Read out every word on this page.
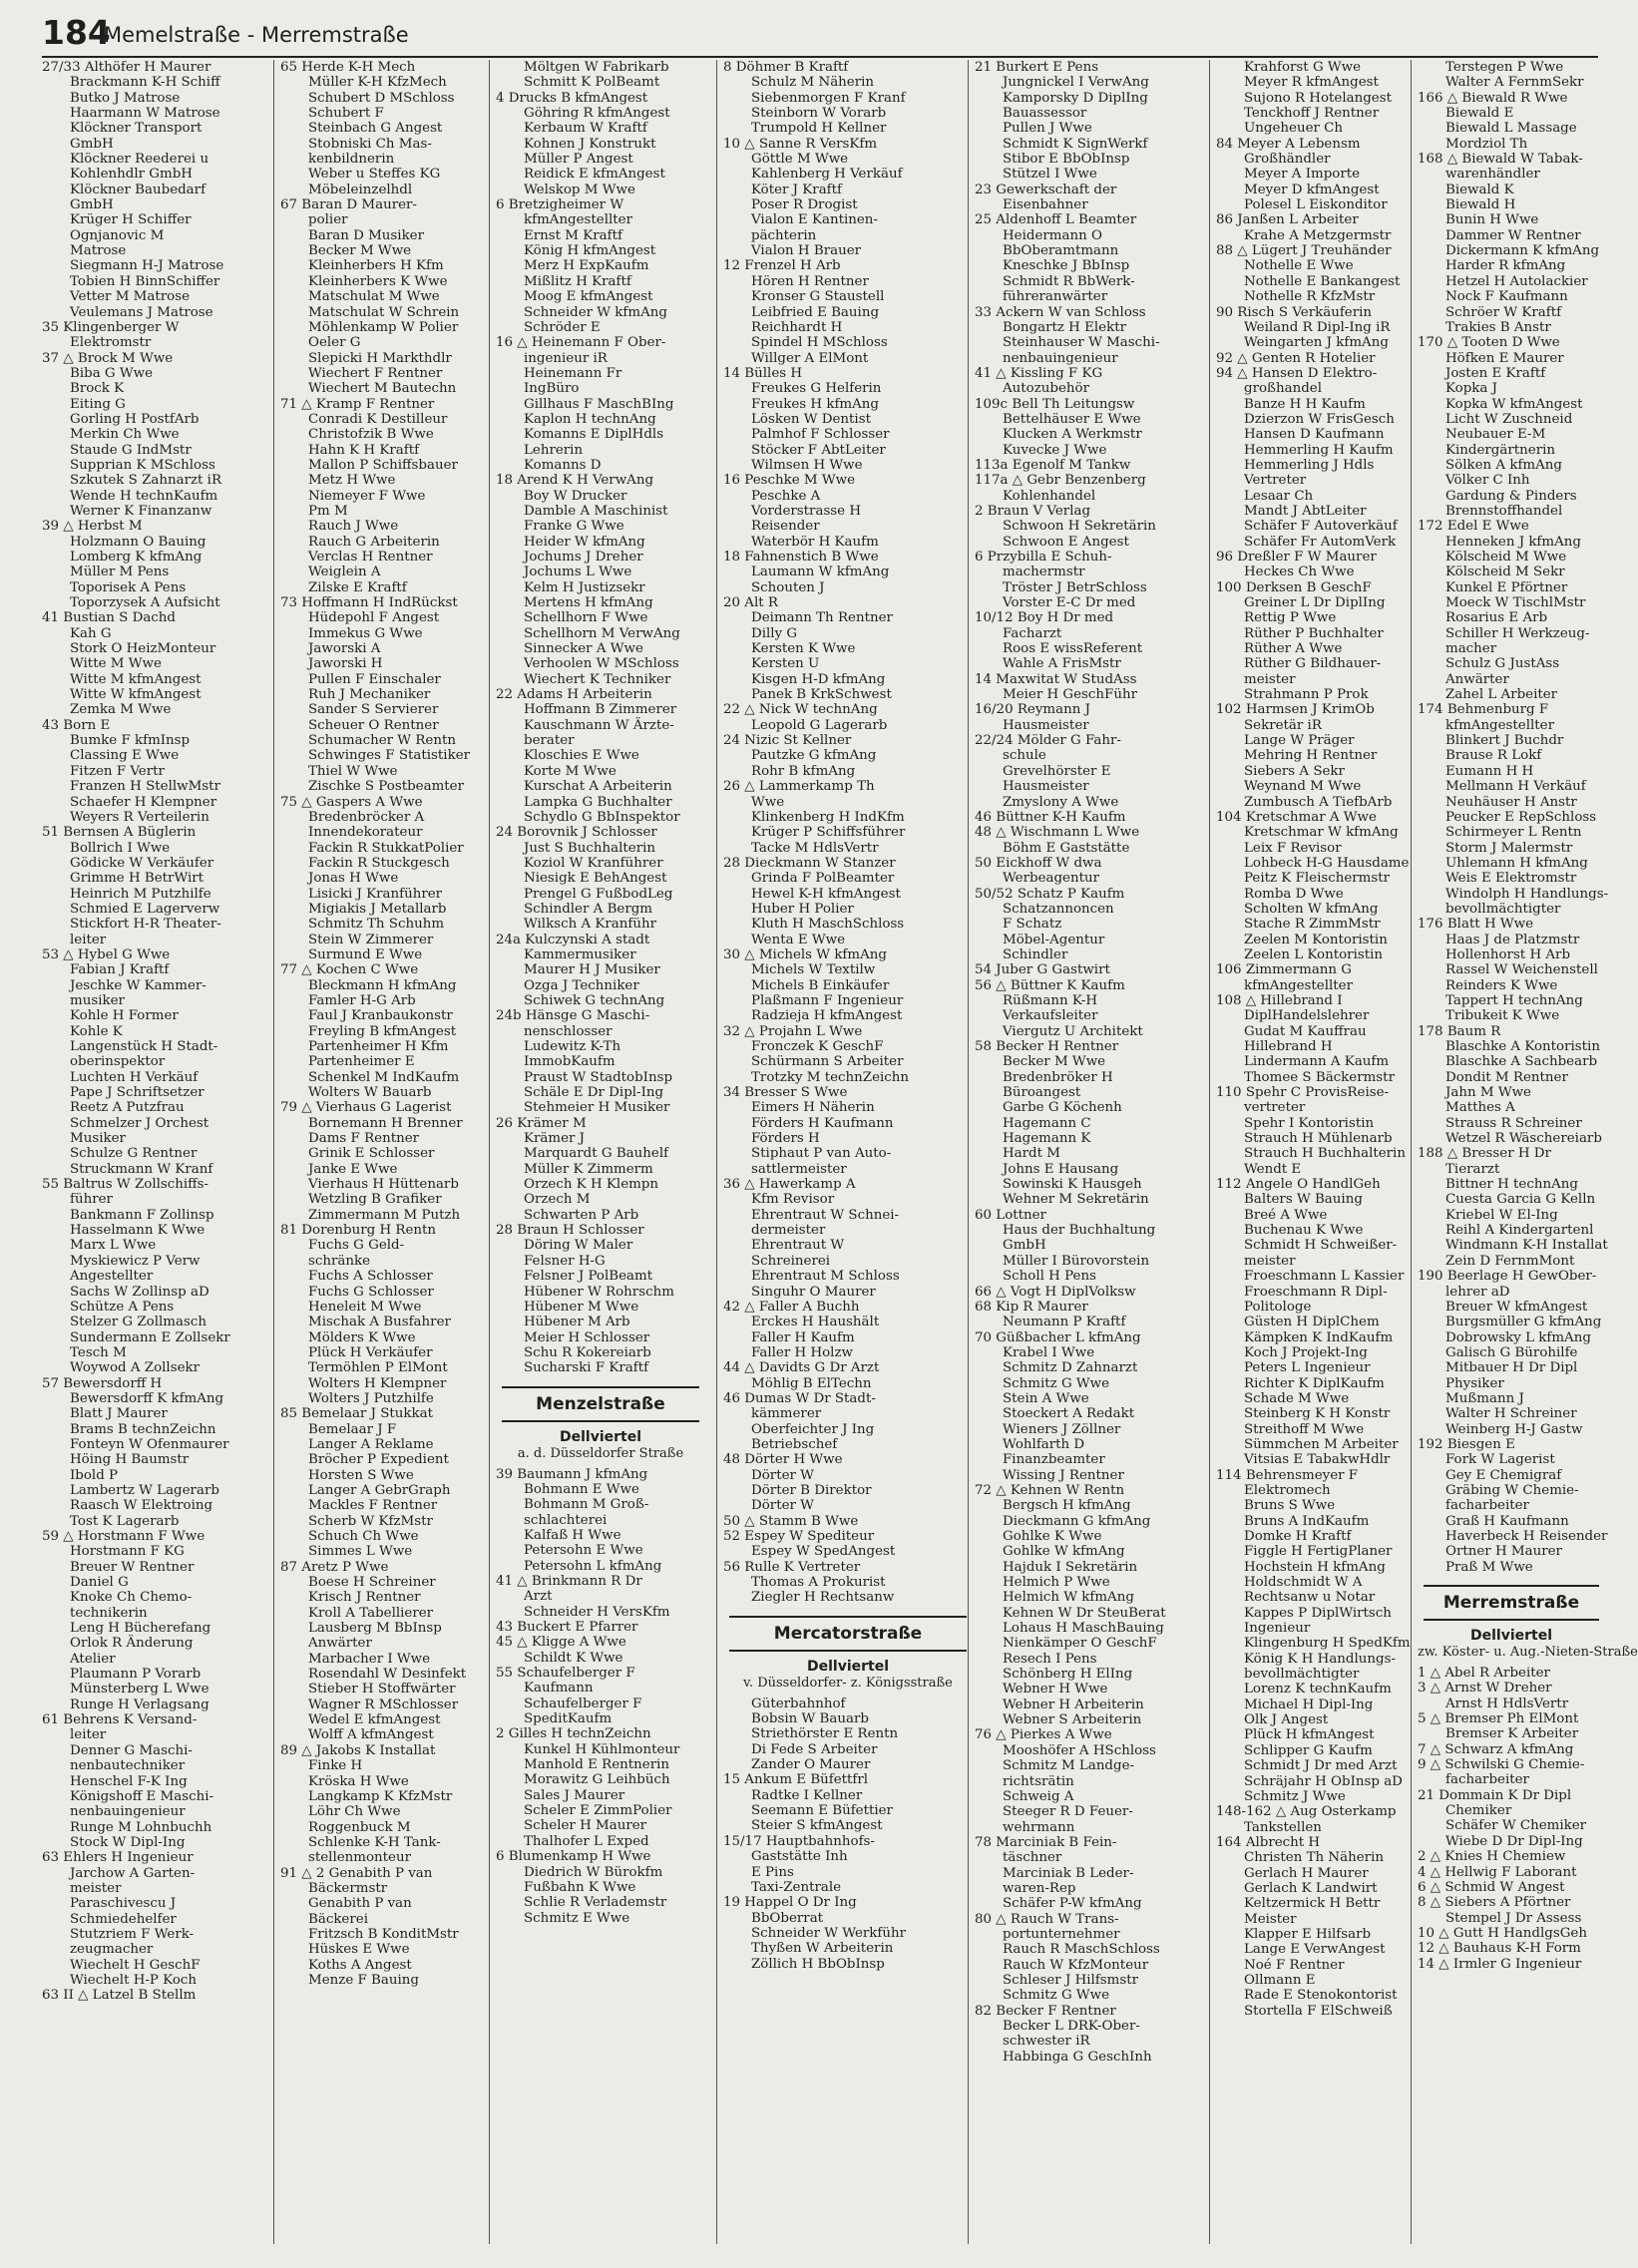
184
Memelstraße - Merremstraße
27/33 Althöfer H Maurer
Brackmann K-H Schiff
Butko J Matrose
Haarmann W Matrose
Klöckner Transport
GmbH
Klöckner Reederei u
Kohlenhdlr GmbH
Klöckner Baubedarf
GmbH
Krüger H Schiffer
Ognjanovic M
Matrose
Siegmann H-J Matrose
Tobien H BinnSchiffer
Vetter M Matrose
Veulemans J Matrose
35 Klingenberger W
Elektromstr
37 △ Brock M Wwe
Biba G Wwe
Brock K
Eiting G
Gorling H PostfArb
Merkin Ch Wwe
Staude G IndMstr
Supprian K MSchloss
Szkutek S Zahnarzt iR
Wende H technKaufm
Werner K Finanzanw
39 △ Herbst M
Holzmann O Bauing
Lomberg K kfmAng
Müller M Pens
Toporisek A Pens
Toporzysek A Aufsicht
41 Bustian S Dachd
Kah G
Stork O HeizMonteur
Witte M Wwe
Witte M kfmAngest
Witte W kfmAngest
Zemka M Wwe
43 Born E
Bumke F kfmInsp
Classing E Wwe
Fitzen F Vertr
Franzen H StellwMstr
Schaefer H Klempner
Weyers R Verteilerin
51 Bernsen A Büglerin
Bollrich I Wwe
Gödicke W Verkäufer
Grimme H BetrWirt
Heinrich M Putzhilfe
Schmied E Lagerverw
Stickfort H-R Theater-
leiter
53 △ Hybel G Wwe
Fabian J Kraftf
Jeschke W Kammer-
musiker
Kohle H Former
Kohle K
Langenstück H Stadt-
oberinspektor
Luchten H Verkäuf
Pape J Schriftsetzer
Reetz A Putzfrau
Schmelzer J Orchest
Musiker
Schulze G Rentner
Struckmann W Kranf
55 Baltrus W Zollschiffs-
führer
Bankmann F Zollinsp
Hasselmann K Wwe
Marx L Wwe
Myskiewicz P Verw
Angestellter
Sachs W Zollinsp aD
Schütze A Pens
Stelzer G Zollmasch
Sundermann E Zollsekr
Tesch M
Woywod A Zollsekr
57 Bewersdorff H
Bewersdorff K kfmAng
Blatt J Maurer
Brams B technZeichn
Fonteyn W Ofenmaurer
Höing H Baumstr
Ibold P
Lambertz W Lagerarb
Raasch W Elektroing
Tost K Lagerarb
59 △ Horstmann F Wwe
Horstmann F KG
Breuer W Rentner
Daniel G
Knoke Ch Chemo-
technikerin
Leng H Bücherefang
Orlok R Änderung
Atelier
Plaumann P Vorarb
Münsterberg L Wwe
Runge H Verlagsang
61 Behrens K Versand-
leiter
Denner G Maschi-
nenbautechniker
Henschel F-K Ing
Königshoff E Maschi-
nenbauingenieur
Runge M Lohnbuchh
Stock W Dipl-Ing
63 Ehlers H Ingenieur
Jarchow A Garten-
meister
Paraschivescu J
Schmiedehelfer
Stutzriem F Werk-
zeugmacher
Wiechelt H GeschF
Wiechelt H-P Koch
63 II △ Latzel B Stellm
65 Herde K-H Mech
Müller K-H KfzMech
Schubert D MSchloss
Schubert F
Steinbach G Angest
Stobniski Ch Mas-
kenbildnerin
Weber u Steffes KG
Möbeleinzelhdl
67 Baran D Maurer-
polier
Baran D Musiker
Becker M Wwe
Kleinherbers H Kfm
Kleinherbers K Wwe
Matschulat M Wwe
Matschulat W Schrein
Möhlenkamp W Polier
Oeler G
Slepicki H Markthdlr
Wiechert F Rentner
Wiechert M Bautechn
71 △ Kramp F Rentner
Conradi K Destilleur
Christofzik B Wwe
Hahn K H Kraftf
Mallon P Schiffsbauer
Metz H Wwe
Niemeyer F Wwe
Pm M
Rauch J Wwe
Rauch G Arbeiterin
Verclas H Rentner
Weiglein A
Zilske E Kraftf
73 Hoffmann H IndRückst
Hüdepohl F Angest
Immekus G Wwe
Jaworski A
Jaworski H
Pullen F Einschaler
Ruh J Mechaniker
Sander S Servierer
Scheuer O Rentner
Schumacher W Rentn
Schwinges F Statistiker
Thiel W Wwe
Zischke S Postbeamter
75 △ Gaspers A Wwe
Bredenbröcker A
Innendekorateur
Fackin R StukkatPolier
Fackin R Stuckgesch
Jonas H Wwe
Lisicki J Kranführer
Migiakis J Metallarb
Schmitz Th Schuhm
Stein W Zimmerer
Surmund E Wwe
77 △ Kochen C Wwe
Bleckmann H kfmAng
Famler H-G Arb
Faul J Kranbaukonstr
Freyling B kfmAngest
Partenheimer H Kfm
Partenheimer E
Schenkel M IndKaufm
Wolters W Bauarb
79 △ Vierhaus G Lagerist
Bornemann H Brenner
Dams F Rentner
Grinik E Schlosser
Janke E Wwe
Vierhaus H Hüttenarb
Wetzling B Grafiker
Zimmermann M Putzh
81 Dorenburg H Rentn
Fuchs G Geld-
schränke
Fuchs A Schlosser
Fuchs G Schlosser
Heneleit M Wwe
Mischak A Busfahrer
Mölders K Wwe
Plück H Verkäufer
Termöhlen P ElMont
Wolters H Klempner
Wolters J Putzhilfe
85 Bemelaar J Stukkat
Bemelaar J F
Langer A Reklame
Bröcher P Expedient
Horsten S Wwe
Langer A GebrGraph
Mackles F Rentner
Scherb W KfzMstr
Schuch Ch Wwe
Simmes L Wwe
87 Aretz P Wwe
Boese H Schreiner
Krisch J Rentner
Kroll A Tabellierer
Lausberg M BbInsp
Anwärter
Marbacher I Wwe
Rosendahl W Desinfekt
Stieber H Stoffwärter
Wagner R MSchlosser
Wedel E kfmAngest
Wolff A kfmAngest
89 △ Jakobs K Installat
Finke H
Kröska H Wwe
Langkamp K KfzMstr
Löhr Ch Wwe
Roggenbuck M
Schlenke K-H Tank-
stellenmonteur
91 △ 2 Genabith P van
Bäckermstr
Genabith P van
Bäckerei
Fritzsch B KonditMstr
Hüskes E Wwe
Koths A Angest
Menze F Bauing
Möltgen W Fabrikarb
Schmitt K PolBeamt
4 Drucks B kfmAngest
Göhring R kfmAngest
Kerbaum W Kraftf
Kohnen J Konstrukt
Müller P Angest
Reidick E kfmAngest
Welskop M Wwe
6 Bretzigheimer W
kfmAngestellter
Ernst M Kraftf
König H kfmAngest
Merz H ExpKaufm
Mißlitz H Kraftf
Moog E kfmAngest
Schneider W kfmAng
Schröder E
16 △ Heinemann F Ober-
ingenieur iR
Heinemann Fr
IngBüro
Gillhaus F MaschBIng
Kaplon H technAng
Komanns E DiplHdls
Lehrerin
Komanns D
18 Arend K H VerwAng
Boy W Drucker
Damble A Maschinist
Franke G Wwe
Heider W kfmAng
Jochums J Dreher
Jochums L Wwe
Kelm H Justizsekr
Mertens H kfmAng
Schellhorn F Wwe
Schellhorn M VerwAng
Sinnecker A Wwe
Verhoolen W MSchloss
Wiechert K Techniker
22 Adams H Arbeiterin
Hoffmann B Zimmerer
Kauschmann W Ärzte-
berater
Kloschies E Wwe
Korte M Wwe
Kurschat A Arbeiterin
Lampka G Buchhalter
Schydlo G BbInspektor
24 Borovnik J Schlosser
Just S Buchhalterin
Koziol W Kranführer
Niesigk E BehAngest
Prengel G FußbodLeg
Schindler A Bergm
Wilksch A Kranführ
24a Kulczynski A stadt
Kammermusiker
Maurer H J Musiker
Ozga J Techniker
Schiwek G technAng
24b Hänsge G Maschi-
nenschlosser
Ludewitz K-Th
ImmobKaufm
Praust W StadtobInsp
Schäle E Dr Dipl-Ing
Stehmeier H Musiker
26 Krämer M
Krämer J
Marquardt G Bauhelf
Müller K Zimmerm
Orzech K H Klempn
Orzech M
Schwarten P Arb
28 Braun H Schlosser
Döring W Maler
Felsner H-G
Felsner J PolBeamt
Hübener W Rohrschm
Hübener M Wwe
Hübener M Arb
Meier H Schlosser
Schu R Kokereiarb
Sucharski F Kraftf
Menzelstraße
Dellviertel
a. d. Düsseldorfer Straße
39 Baumann J kfmAng
Bohmann E Wwe
Bohmann M Groß-
schlachterei
Kalfaß H Wwe
Petersohn E Wwe
Petersohn L kfmAng
41 △ Brinkmann R Dr
Arzt
Schneider H VersKfm
43 Buckert E Pfarrer
45 △ Kligge A Wwe
Schildt K Wwe
55 Schaufelberger F
Kaufmann
Schaufelberger F
SpeditKaufm
2 Gilles H technZeichn
Kunkel H Kühlmonteur
Manhold E Rentnerin
Morawitz G Leihbüch
Sales J Maurer
Scheler E ZimmPolier
Scheler H Maurer
Thalhofer L Exped
6 Blumenkamp H Wwe
Diedrich W Bürokfm
Fußbahn K Wwe
Schlie R Verlademstr
Schmitz E Wwe
8 Döhmer B Kraftf
Schulz M Näherin
Siebenmorgen F Kranf
Steinborn W Vorarb
Trumpold H Kellner
10 △ Sanne R VersKfm
Göttle M Wwe
Kahlenberg H Verkäuf
Köter J Kraftf
Poser R Drogist
Vialon E Kantinen-
pächterin
Vialon H Brauer
12 Frenzel H Arb
Hören H Rentner
Kronser G Staustell
Leibfried E Bauing
Reichhardt H
Spindel H MSchloss
Willger A ElMont
14 Bülles H
Freukes G Helferin
Freukes H kfmAng
Lösken W Dentist
Palmhof F Schlosser
Stöcker F AbtLeiter
Wilmsen H Wwe
16 Peschke M Wwe
Peschke A
Vorderstrasse H
Reisender
Waterbör H Kaufm
18 Fahnenstich B Wwe
Laumann W kfmAng
Schouten J
20 Alt R
Deimann Th Rentner
Dilly G
Kersten K Wwe
Kersten U
Kisgen H-D kfmAng
Panek B KrkSchwest
22 △ Nick W technAng
Leopold G Lagerarb
24 Nizic St Kellner
Pautzke G kfmAng
Rohr B kfmAng
26 △ Lammerkamp Th
Wwe
Klinkenberg H IndKfm
Krüger P Schiffsführer
Tacke M HdlsVertr
28 Dieckmann W Stanzer
Grinda F PolBeamter
Hewel K-H kfmAngest
Huber H Polier
Kluth H MaschSchloss
Wenta E Wwe
30 △ Michels W kfmAng
Michels W Textilw
Michels B Einkäufer
Plaßmann F Ingenieur
Radzieja H kfmAngest
32 △ Projahn L Wwe
Fronczek K GeschF
Schürmann S Arbeiter
Trotzky M technZeichn
34 Bresser S Wwe
Eimers H Näherin
Förders H Kaufmann
Förders H
Stiphaut P van Auto-
sattlermeister
36 △ Hawerkamp A
Kfm Revisor
Ehrentraut W Schnei-
dermeister
Ehrentraut W
Schreinerei
Ehrentraut M Schloss
Singuhr O Maurer
42 △ Faller A Buchh
Erckes H Haushält
Faller H Kaufm
Faller H Holzw
44 △ Davidts G Dr Arzt
Möhlig B ElTechn
46 Dumas W Dr Stadt-
kämmerer
Oberfeichter J Ing
Betriebschef
48 Dörter H Wwe
Dörter W
Dörter B Direktor
Dörter W
50 △ Stamm B Wwe
52 Espey W Spediteur
Espey W SpedAngest
56 Rulle K Vertreter
Thomas A Prokurist
Ziegler H Rechtsanw
Mercatorstraße
Dellviertel
v. Düsseldorfer- z. Königsstraße
Güterbahnhof
Bobsin W Bauarb
Striethörster E Rentn
Di Fede S Arbeiter
Zander O Maurer
15 Ankum E Büfettfrl
Radtke I Kellner
Seemann E Büfettier
Steier S kfmAngest
15/17 Hauptbahnhofs-
Gaststätte Inh
E Pins
Taxi-Zentrale
19 Happel O Dr Ing
BbOberrat
Schneider W Werkführ
Thyßen W Arbeiterin
Zöllich H BbObInsp
21 Burkert E Pens
Jungnickel I VerwAng
Kamporsky D DiplIng
Bauassessor
Pullen J Wwe
Schmidt K SignWerkf
Stibor E BbObInsp
Stützel I Wwe
23 Gewerkschaft der
Eisenbahner
25 Aldenhoff L Beamter
Heidermann O
BbOberamtmann
Kneschke J BbInsp
Schmidt R BbWerk-
führeranwärter
33 Ackern W van Schloss
Bongartz H Elektr
Steinhauser W Maschi-
nenbauingenieur
41 △ Kissling F KG
Autozubehör
109c Bell Th Leitungsw
Bettelhäuser E Wwe
Klucken A Werkmstr
Kuvecke J Wwe
113a Egenolf M Tankw
117a △ Gebr Benzenberg
Kohlenhandel
2 Braun V Verlag
Schwoon H Sekretärin
Schwoon E Angest
6 Przybilla E Schuh-
machermstr
Tröster J BetrSchloss
Vorster E-C Dr med
10/12 Boy H Dr med
Facharzt
Roos E wissReferent
Wahle A FrisMstr
14 Maxwitat W StudAss
Meier H GeschFühr
16/20 Reymann J
Hausmeister
22/24 Mölder G Fahr-
schule
Grevelhörster E
Hausmeister
Zmyslony A Wwe
46 Büttner K-H Kaufm
48 △ Wischmann L Wwe
Böhm E Gaststätte
50 Eickhoff W dwa
Werbeagentur
50/52 Schatz P Kaufm
Schatzannoncen
F Schatz
Möbel-Agentur
Schindler
54 Juber G Gastwirt
56 △ Büttner K Kaufm
Rüßmann K-H
Verkaufsleiter
Viergutz U Architekt
58 Becker H Rentner
Becker M Wwe
Bredenbröker H
Büroangest
Garbe G Köchenh
Hagemann C
Hagemann K
Hardt M
Johns E Hausang
Sowinski K Hausgeh
Wehner M Sekretärin
60 Lottner
Haus der Buchhaltung
GmbH
Müller I Bürovorstein
Scholl H Pens
66 △ Vogt H DiplVolksw
68 Kip R Maurer
Neumann P Kraftf
70 Güßbacher L kfmAng
Krabel I Wwe
Schmitz D Zahnarzt
Schmitz G Wwe
Stein A Wwe
Stoeckert A Redakt
Wieners J Zöllner
Wohlfarth D
Finanzbeamter
Wissing J Rentner
72 △ Kehnen W Rentn
Bergsch H kfmAng
Dieckmann G kfmAng
Gohlke K Wwe
Gohlke W kfmAng
Hajduk I Sekretärin
Helmich P Wwe
Helmich W kfmAng
Kehnen W Dr SteuBerat
Lohaus H MaschBauing
Nienkämper O GeschF
Resech I Pens
Schönberg H ElIng
Webner H Wwe
Webner H Arbeiterin
Webner S Arbeiterin
76 △ Pierkes A Wwe
Mooshöfer A HSchloss
Schmitz M Landge-
richtsrätin
Schweig A
Steeger R D Feuer-
wehrmann
78 Marciniak B Fein-
täschner
Marciniak B Leder-
waren-Rep
Schäfer P-W kfmAng
80 △ Rauch W Trans-
portunternehmer
Rauch R MaschSchloss
Rauch W KfzMonteur
Schleser J Hilfsmstr
Schmitz G Wwe
82 Becker F Rentner
Becker L DRK-Ober-
schwester iR
Habbinga G GeschInh
Krahforst G Wwe
Meyer R kfmAngest
Sujono R Hotelangest
Tenckhoff J Rentner
Ungeheuer Ch
84 Meyer A Lebensm
Großhändler
Meyer A Importe
Meyer D kfmAngest
Polesel L Eiskonditor
86 Janßen L Arbeiter
Krahe A Metzgermstr
88 △ Lügert J Treuhänder
Nothelle E Wwe
Nothelle E Bankangest
Nothelle R KfzMstr
90 Risch S Verkäuferin
Weiland R Dipl-Ing iR
Weingarten J kfmAng
92 △ Genten R Hotelier
94 △ Hansen D Elektro-
großhandel
Banze H H Kaufm
Dzierzon W FrisGesch
Hansen D Kaufmann
Hemmerling H Kaufm
Hemmerling J Hdls
Vertreter
Lesaar Ch
Mandt J AbtLeiter
Schäfer F Autoverkäuf
Schäfer Fr AutomVerk
96 Dreßler F W Maurer
Heckes Ch Wwe
100 Derksen B GeschF
Greiner L Dr DiplIng
Rettig P Wwe
Rüther P Buchhalter
Rüther A Wwe
Rüther G Bildhauer-
meister
Strahmann P Prok
102 Harmsen J KrimOb
Sekretär iR
Lange W Präger
Mehring H Rentner
Siebers A Sekr
Weynand M Wwe
Zumbusch A TiefbArb
104 Kretschmar A Wwe
Kretschmar W kfmAng
Leix F Revisor
Lohbeck H-G Hausdame
Peitz K Fleischermstr
Romba D Wwe
Scholten W kfmAng
Stache R ZimmMstr
Zeelen M Kontoristin
Zeelen L Kontoristin
106 Zimmermann G
kfmAngestellter
108 △ Hillebrand I
DiplHandelslehrer
Gudat M Kauffrau
Hillebrand H
Lindermann A Kaufm
Thomee S Bäckermstr
110 Spehr C ProvisReise-
vertreter
Spehr I Kontoristin
Strauch H Mühlenarb
Strauch H Buchhalterin
Wendt E
112 Angele O HandlGeh
Balters W Bauing
Breé A Wwe
Buchenau K Wwe
Schmidt H Schweißer-
meister
Froeschmann L Kassier
Froeschmann R Dipl-
Politologe
Güsten H DiplChem
Kämpken K IndKaufm
Koch J Projekt-Ing
Peters L Ingenieur
Richter K DiplKaufm
Schade M Wwe
Steinberg K H Konstr
Streithoff M Wwe
Sümmchen M Arbeiter
Vitsias E TabakwHdlr
114 Behrensmeyer F
Elektromech
Bruns S Wwe
Bruns A IndKaufm
Domke H Kraftf
Figgle H FertigPlaner
Hochstein H kfmAng
Holdschmidt W A
Rechtsanw u Notar
Kappes P DiplWirtsch
Ingenieur
Klingenburg H SpedKfm
König K H Handlungs-
bevollmächtigter
Lorenz K technKaufm
Michael H Dipl-Ing
Olk J Angest
Plück H kfmAngest
Schlipper G Kaufm
Schmidt J Dr med Arzt
Schräjahr H ObInsp aD
Schmitz J Wwe
148-162 △ Aug Osterkamp
Tankstellen
164 Albrecht H
Christen Th Näherin
Gerlach H Maurer
Gerlach K Landwirt
Keltzermick H Bettr
Meister
Klapper E Hilfsarb
Lange E VerwAngest
Noé F Rentner
Ollmann E
Rade E Stenokontorist
Stortella F ElSchweiß
Terstegen P Wwe
Walter A FernmSekr
166 △ Biewald R Wwe
Biewald E
Biewald L Massage
Mordziol Th
168 △ Biewald W Tabak-
warenhändler
Biewald K
Biewald H
Bunin H Wwe
Dammer W Rentner
Dickermann K kfmAng
Harder R kfmAng
Hetzel H Autolackier
Nock F Kaufmann
Schröer W Kraftf
Trakies B Anstr
170 △ Tooten D Wwe
Höfken E Maurer
Josten E Kraftf
Kopka J
Kopka W kfmAngest
Licht W Zuschneid
Neubauer E-M
Kindergärtnerin
Sölken A kfmAng
Völker C Inh
Gardung & Pinders
Brennstoffhandel
172 Edel E Wwe
Henneken J kfmAng
Kölscheid M Wwe
Kölscheid M Sekr
Kunkel E Pförtner
Moeck W TischlMstr
Rosarius E Arb
Schiller H Werkzeug-
macher
Schulz G JustAss
Anwärter
Zahel L Arbeiter
174 Behmenburg F
kfmAngestellter
Blinkert J Buchdr
Brause R Lokf
Eumann H H
Mellmann H Verkäuf
Neuhäuser H Anstr
Peucker E RepSchloss
Schirmeyer L Rentn
Storm J Malermstr
Uhlemann H kfmAng
Weis E Elektromstr
Windolph H Handlungs-
bevollmächtigter
176 Blatt H Wwe
Haas J de Platzmstr
Hollenhorst H Arb
Rassel W Weichenstell
Reinders K Wwe
Tappert H technAng
Tribukeit K Wwe
178 Baum R
Blaschke A Kontoristin
Blaschke A Sachbearb
Dondit M Rentner
Jahn M Wwe
Matthes A
Strauss R Schreiner
Wetzel R Wäschereiarb
188 △ Bresser H Dr
Tierarzt
Bittner H technAng
Cuesta Garcia G Kelln
Kriebel W El-Ing
Reihl A Kindergartenl
Windmann K-H Installat
Zein D FernmMont
190 Beerlage H GewOber-
lehrer aD
Breuer W kfmAngest
Burgsmüller G kfmAng
Dobrowsky L kfmAng
Galisch G Bürohilfe
Mitbauer H Dr Dipl
Physiker
Mußmann J
Walter H Schreiner
Weinberg H-J Gastw
192 Biesgen E
Fork W Lagerist
Gey E Chemigraf
Gräbing W Chemie-
facharbeiter
Graß H Kaufmann
Haverbeck H Reisender
Ortner H Maurer
Praß M Wwe
Merremstraße
Dellviertel
zw. Köster- u. Aug.-Nieten-Straße
1 △ Abel R Arbeiter
3 △ Arnst W Dreher
Arnst H HdlsVertr
5 △ Bremser Ph ElMont
Bremser K Arbeiter
7 △ Schwarz A kfmAng
9 △ Schwilski G Chemie-
facharbeiter
21 Dommain K Dr Dipl
Chemiker
Schäfer W Chemiker
Wiebe D Dr Dipl-Ing
2 △ Knies H Chemiew
4 △ Hellwig F Laborant
6 △ Schmid W Angest
8 △ Siebers A Pförtner
Stempel J Dr Assess
10 △ Gutt H HandlgsGeh
12 △ Bauhaus K-H Form
14 △ Irmler G Ingenieur
